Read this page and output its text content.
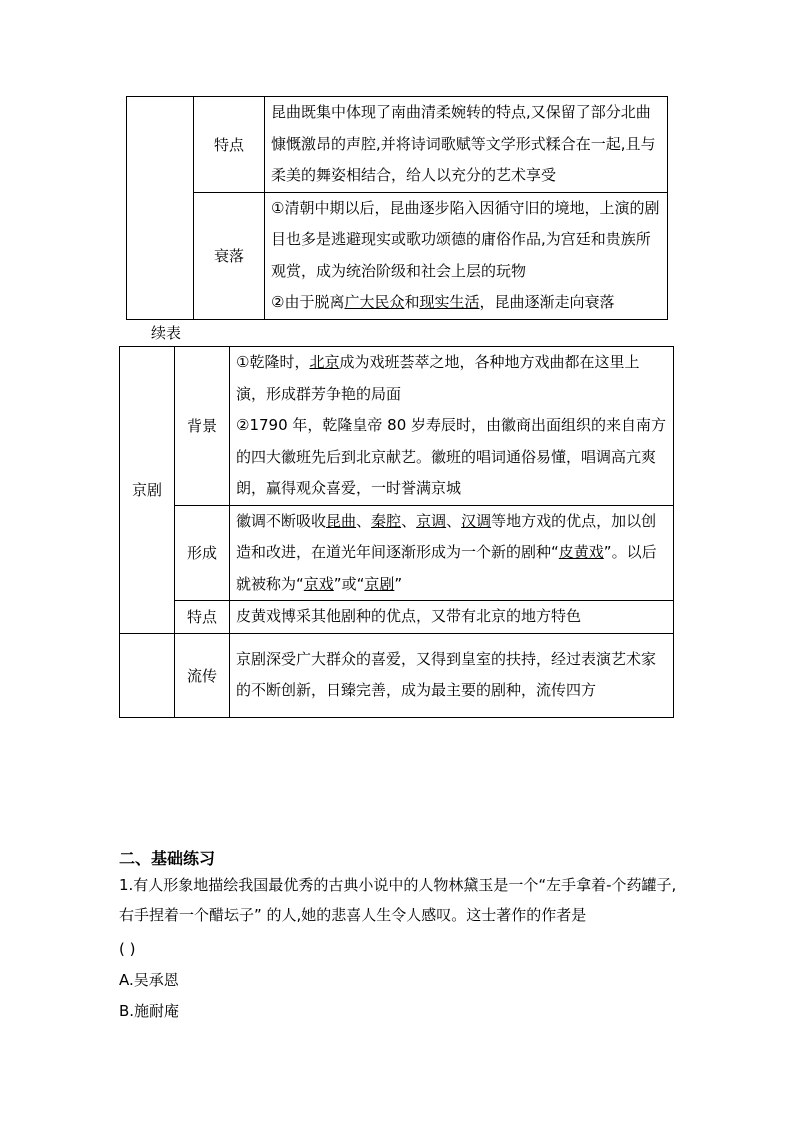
	特点	昆曲既集中体现了南曲清柔婉转的特点,又保留了部分北曲慷慨激昂的声腔,并将诗词歌赋等文学形式糅合在一起,且与柔美的舞姿相结合，给人以充分的艺术享受
	衰落	①清朝中期以后，昆曲逐步陷入因循守旧的境地，上演的剧目也多是逃避现实或歌功颂德的庸俗作品,为宫廷和贵族所观赏，成为统治阶级和社会上层的玩物
②由于脱离广大民众和现实生活，昆曲逐渐走向衰落
续表
京剧	背景	①乾隆时，北京成为戏班荟萃之地，各种地方戏曲都在这里上演，形成群芳争艳的局面
②1790 年，乾隆皇帝 80 岁寿辰时，由徽商出面组织的来自南方的四大徽班先后到北京献艺。徽班的唱词通俗易懂，唱调高亢爽朗，赢得观众喜爱，一时誉满京城

	形成	徽调不断吸收昆曲、秦腔、京调、汉调等地方戏的优点，加以创造和改进，在道光年间逐渐形成为一个新的剧种“皮黄戏”。以后就被称为“京戏”或“京剧”
	特点	皮黄戏博采其他剧种的优点，又带有北京的地方特色
	流传	京剧深受广大群众的喜爱，又得到皇室的扶持，经过表演艺术家的不断创新，日臻完善，成为最主要的剧种，流传四方
二、基础练习
1.有人形象地描绘我国最优秀的古典小说中的人物林黛玉是一个“左手拿着-个药罐子,右手捏着一个醋坛子” 的人,她的悲喜人生令人感叹。这士著作的作者是
( )
A.吴承恩
B.施耐庵
